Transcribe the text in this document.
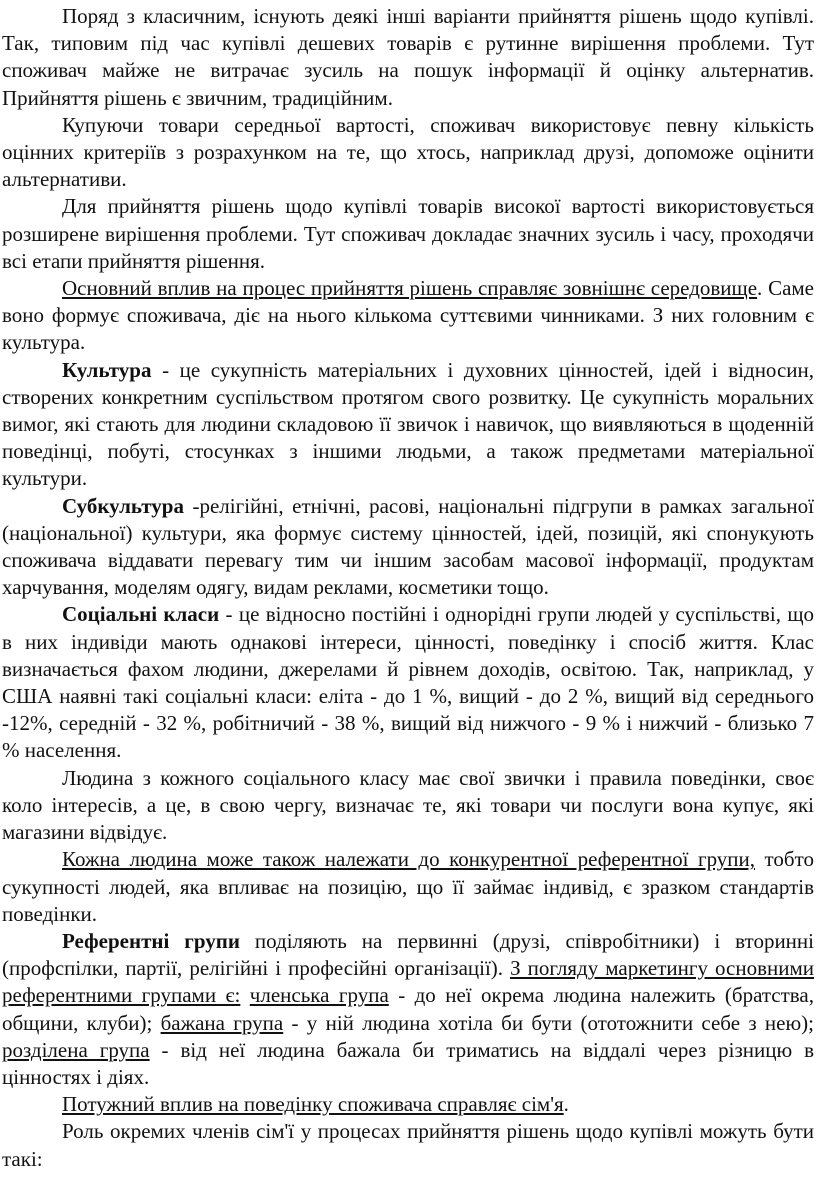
Поряд з класичним, існують деякі інші варіанти прийняття рішень щодо купівлі. Так, типовим під час купівлі дешевих товарів є рутинне вирішення проблеми. Тут споживач майже не витрачає зусиль на пошук інформації й оцінку альтернатив. Прийняття рішень є звичним, традиційним.

Купуючи товари середньої вартості, споживач використовує певну кількість оцінних критеріїв з розрахунком на те, що хтось, наприклад друзі, допоможе оцінити альтернативи.

Для прийняття рішень щодо купівлі товарів високої вартості використовується розширене вирішення проблеми. Тут споживач докладає значних зусиль і часу, проходячи всі етапи прийняття рішення.

Основний вплив на процес прийняття рішень справляє зовнішнє середовище. Саме воно формує споживача, діє на нього кількома суттєвими чинниками. З них головним є культура.

Культура - це сукупність матеріальних і духовних цінностей, ідей і відносин, створених конкретним суспільством протягом свого розвитку. Це сукупність моральних вимог, які стають для людини складовою її звичок і навичок, що виявляються в щоденній поведінці, побуті, стосунках з іншими людьми, а також предметами матеріальної культури.

Субкультура -релігійні, етнічні, расові, національні підгрупи в рамках загальної (національної) культури, яка формує систему цінностей, ідей, позицій, які спонукують споживача віддавати перевагу тим чи іншим засобам масової інформації, продуктам харчування, моделям одягу, видам реклами, косметики тощо.

Соціальні класи - це відносно постійні і однорідні групи людей у суспільстві, що в них індивіди мають однакові інтереси, цінності, поведінку і спосіб життя. Клас визначається фахом людини, джерелами й рівнем доходів, освітою. Так, наприклад, у США наявні такі соціальні класи: еліта - до 1 %, вищий - до 2 %, вищий від середнього -12%, середній - 32 %, робітничий - 38 %, вищий від нижчого - 9 % і нижчий - близько 7 % населення.

Людина з кожного соціального класу має свої звички і правила поведінки, своє коло інтересів, а це, в свою чергу, визначає те, які товари чи послуги вона купує, які магазини відвідує.

Кожна людина може також належати до конкурентної референтної групи, тобто сукупності людей, яка впливає на позицію, що її займає індивід, є зразком стандартів поведінки.

Референтні групи поділяють на первинні (друзі, співробітники) і вторинні (профспілки, партії, релігійні і професійні організації). З погляду маркетингу основними референтними групами є: членська група - до неї окрема людина належить (братства, общини, клуби); бажана група - у ній людина хотіла би бути (ототожнити себе з нею); розділена група - від неї людина бажала би триматись на віддалі через різницю в цінностях і діях.

Потужний вплив на поведінку споживача справляє сім'я.

Роль окремих членів сім'ї у процесах прийняття рішень щодо купівлі можуть бути такі:
